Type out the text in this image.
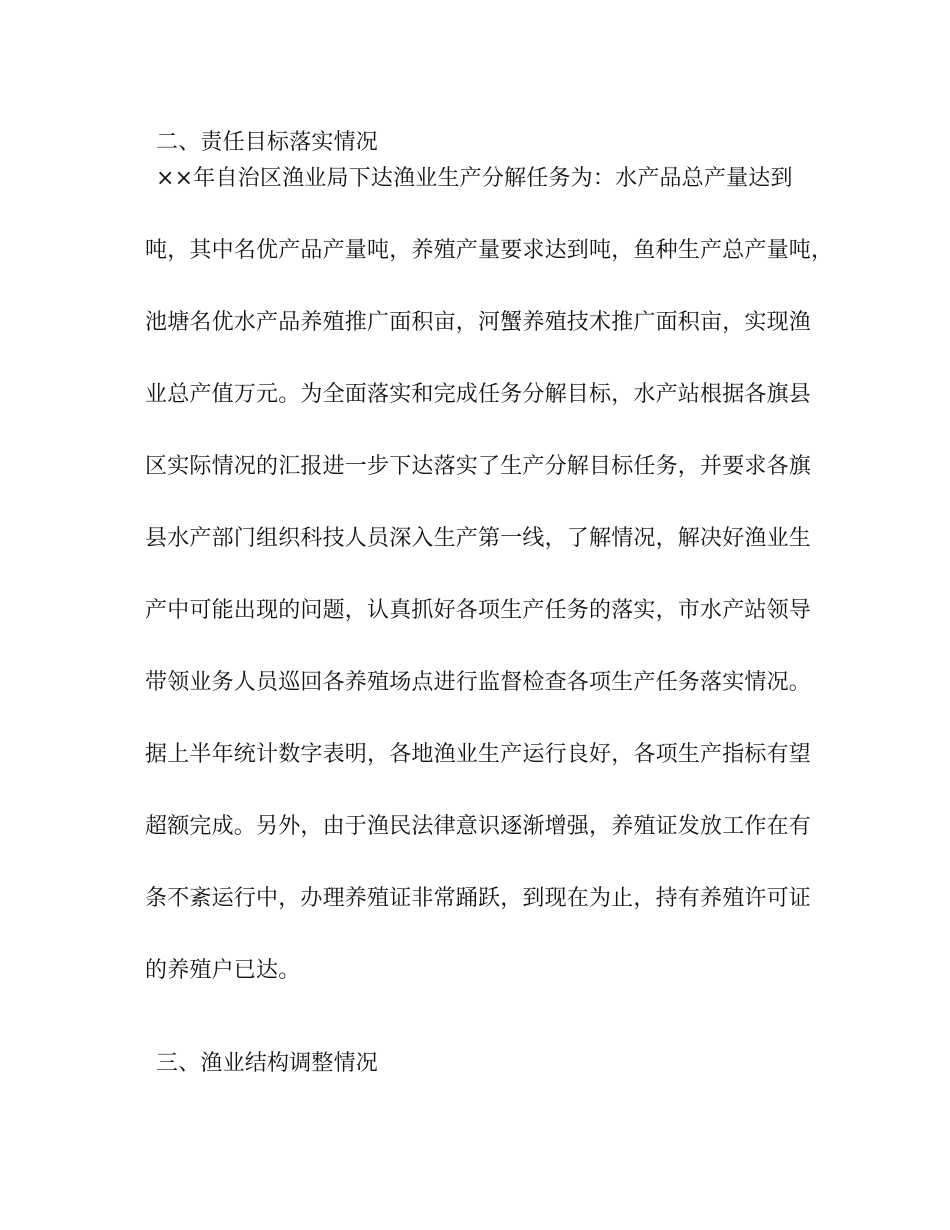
二、责任目标落实情况
××年自治区渔业局下达渔业生产分解任务为：水产品总产量达到
吨，其中名优产品产量吨，养殖产量要求达到吨，鱼种生产总产量吨，
池塘名优水产品养殖推广面积亩，河蟹养殖技术推广面积亩，实现渔
业总产值万元。为全面落实和完成任务分解目标，水产站根据各旗县
区实际情况的汇报进一步下达落实了生产分解目标任务，并要求各旗
县水产部门组织科技人员深入生产第一线，了解情况，解决好渔业生
产中可能出现的问题，认真抓好各项生产任务的落实，市水产站领导
带领业务人员巡回各养殖场点进行监督检查各项生产任务落实情况。
据上半年统计数字表明，各地渔业生产运行良好，各项生产指标有望
超额完成。另外，由于渔民法律意识逐渐增强，养殖证发放工作在有
条不紊运行中，办理养殖证非常踊跃，到现在为止，持有养殖许可证
的养殖户已达。
三、渔业结构调整情况
